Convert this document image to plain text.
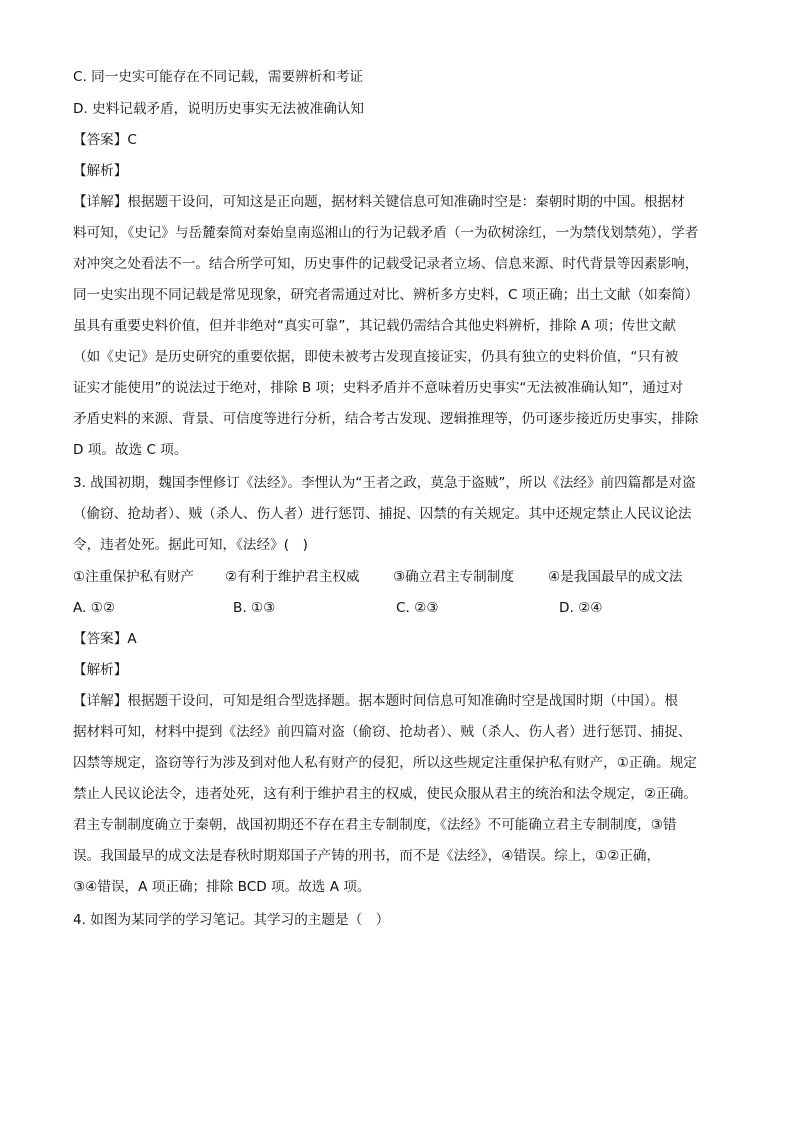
C. 同一史实可能存在不同记载，需要辨析和考证
D. 史料记载矛盾，说明历史事实无法被准确认知
【答案】C
【解析】
【详解】根据题干设问，可知这是正向题，据材料关键信息可知准确时空是：秦朝时期的中国。根据材
料可知，《史记》与岳麓秦简对秦始皇南巡湘山的行为记载矛盾（一为砍树涂红，一为禁伐划禁苑），学者
对冲突之处看法不一。结合所学可知，历史事件的记载受记录者立场、信息来源、时代背景等因素影响，
同一史实出现不同记载是常见现象，研究者需通过对比、辨析多方史料，C 项正确；出土文献（如秦简）
虽具有重要史料价值，但并非绝对“真实可靠”，其记载仍需结合其他史料辨析，排除 A 项；传世文献
（如《史记》是历史研究的重要依据，即使未被考古发现直接证实，仍具有独立的史料价值，“只有被
证实才能使用”的说法过于绝对，排除 B 项；史料矛盾并不意味着历史事实“无法被准确认知”，通过对
矛盾史料的来源、背景、可信度等进行分析，结合考古发现、逻辑推理等，仍可逐步接近历史事实，排除
D 项。故选 C 项。
3. 战国初期，魏国李悝修订《法经》。李悝认为“王者之政，莫急于盗贼”，所以《法经》前四篇都是对盗
（偷窃、抢劫者）、贼（杀人、伤人者）进行惩罚、捕捉、囚禁的有关规定。其中还规定禁止人民议论法
令，违者处死。据此可知，《法经》(　)
①注重保护私有财产 ②有利于维护君主权威 ③确立君主专制制度	④是我国最早的成文法
A. ①②	B. ①③	C. ②③	D. ②④
【答案】A
【解析】
【详解】根据题干设问，可知是组合型选择题。据本题时间信息可知准确时空是战国时期（中国）。根
据材料可知，材料中提到《法经》前四篇对盗（偷窃、抢劫者）、贼（杀人、伤人者）进行惩罚、捕捉、
囚禁等规定，盗窃等行为涉及到对他人私有财产的侵犯，所以这些规定注重保护私有财产，①正确。规定
禁止人民议论法令，违者处死，这有利于维护君主的权威，使民众服从君主的统治和法令规定，②正确。
君主专制制度确立于秦朝，战国初期还不存在君主专制制度，《法经》不可能确立君主专制制度，③错
误。我国最早的成文法是春秋时期郑国子产铸的刑书，而不是《法经》，④错误。综上，①②正确，
③④错误，A 项正确；排除 BCD 项。故选 A 项。
4. 如图为某同学的学习笔记。其学习的主题是（　）
